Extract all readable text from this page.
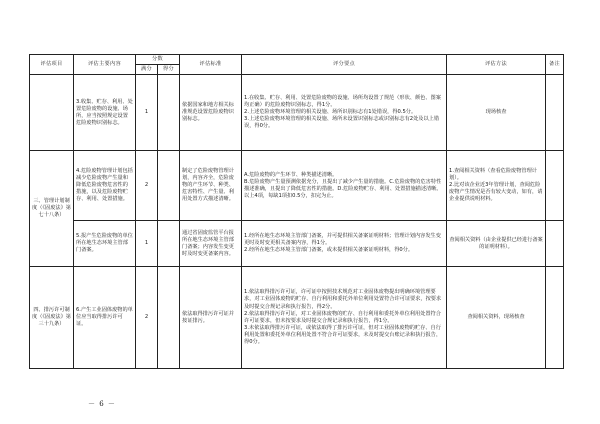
评估项目	评估主要内容	分数		评估标准	评分要点	评估方法	备注
		满分	得分				
	3.收集、贮存、利用、处置危险废物的设施、场所，应当按照规定设置危险废物识别标志。	1		依据国家和地方相关标准规范设置危险废物识别标志。	1.在收集、贮存、利用、处置危险废物的设施、场所均设置了规范（形状、颜色、图案均正确）的危险废物识别标志，得1分。
2.上述危险废物环境管理的相关设施、场所识别标志有1处错误，得0.5分。
3.上述危险废物环境管理的相关设施、场所未设置识别标志或识别标志有2处及以上错误，得0分。	现场核查	
三、管理计划制度（《固废法》第七十八条）	4.危险废物管理计划包括减少危险废物产生量和降低危险废物危害性的措施，以及危险废物贮存、利用、处置措施。	2		制定了危险废物管理计划，内容齐全，危险废物的产生环节、种类、危害特性、产生量、利用处置方式描述清晰。	A.危险废物的产生环节、种类描述清晰。
B.危险废物产生量预测依据充分，且提出了减少产生量的措施。C.危险废物的危害特性描述准确，且提出了降低危害性的措施。D.危险废物贮存、利用、处置措施描述清晰。
以上4项，每缺1项扣0.5分，扣完为止。	1.查阅相关资料（查看危险废物管理计划）。
2.比对该企业近3年管理计划，查阅危险废物产生情况是否有较大变动，如有，请企业提供说明材料。	

	5.报产生危险废物的单位所在地生态环境主管部门备案。	1		通过省固废监管平台报所在地生态环境主管部门备案；内容发生变更时及时变更备案内容。	1.经所在地生态环境主管部门备案，并可提供相关备案证明材料；管理计划内容发生变更时及时变更相关备案内容，得1分。
2.经所在地生态环境主管部门备案，或未提供相关备案证明材料，得0分。	查阅相关资料（由企业提供已经进行备案的证明材料）。	
四、排污许可制度（《固废法》第三十九条）	6.产生工业固体废物的单位应当取得排污许可证。	2		依法取得排污许可证并按证排污。	1.依法取得排污许可证，许可证中按照技术规范对工业固体废物提出明确环境管理要求，对工业固体废物的贮存、自行利用和委托外单位利用处置符合许可证要求，按要求及时提交合规记录和执行报告，得2分。
2.依法取得排污许可证，对工业固体废物的贮存、自行利用和委托外单位利用处置符合许可证要求，但未按要求及时提交合规记录和执行报告，得1分。
3.未依法取得排污许可证，或依法取得了排污许可证，但对工业固体废物的贮存、自行利用处置和委托外单位利用处置不符合许可证要求，未及时提交台账记录和执行报告，得0分。	查阅相关资料，现场核查	
－ 6 －
